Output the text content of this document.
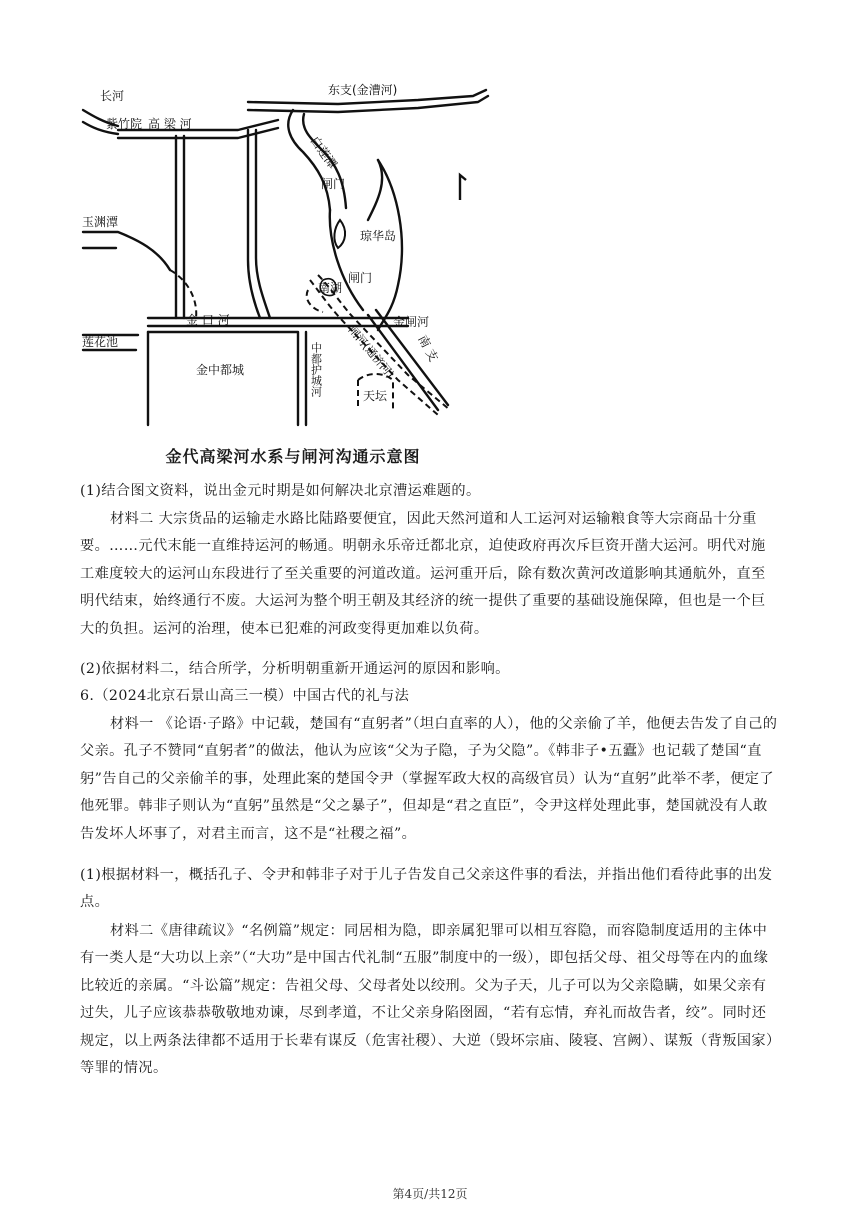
长河	东支(金漕河)
紫竹院 高 梁 河
白莲潭
闸门
琼华岛
玉渊潭
闸门
南湖
金 口 河	金闸河
莲花池
金中都城	中都护城河	南 支
闸河(通济河)
天坛
金代高梁河水系与闸河沟通示意图
(1)结合图文资料，说出金元时期是如何解决北京漕运难题的。
材料二 大宗货品的运输走水路比陆路要便宜，因此天然河道和人工运河对运输粮食等大宗商品十分重要。……元代末能一直维持运河的畅通。明朝永乐帝迁都北京，迫使政府再次斥巨资开凿大运河。明代对施工难度较大的运河山东段进行了至关重要的河道改道。运河重开后，除有数次黄河改道影响其通航外，直至明代结束，始终通行不废。大运河为整个明王朝及其经济的统一提供了重要的基础设施保障，但也是一个巨大的负担。运河的治理，使本已犯难的河政变得更加难以负荷。
(2)依据材料二，结合所学，分析明朝重新开通运河的原因和影响。
6.（2024北京石景山高三一模）中国古代的礼与法
材料一 《论语·子路》中记载，楚国有“直躬者”（坦白直率的人），他的父亲偷了羊，他便去告发了自己的父亲。孔子不赞同“直躬者”的做法，他认为应该“父为子隐，子为父隐”。《韩非子•五蠹》也记载了楚国“直躬”告自己的父亲偷羊的事，处理此案的楚国令尹（掌握军政大权的高级官员）认为“直躬”此举不孝，便定了他死罪。韩非子则认为“直躬”虽然是“父之暴子”，但却是“君之直臣”，令尹这样处理此事，楚国就没有人敢告发坏人坏事了，对君主而言，这不是“社稷之福”。
(1)根据材料一，概括孔子、令尹和韩非子对于儿子告发自己父亲这件事的看法，并指出他们看待此事的出发点。
材料二《唐律疏议》“名例篇”规定：同居相为隐，即亲属犯罪可以相互容隐，而容隐制度适用的主体中有一类人是“大功以上亲”（“大功”是中国古代礼制“五服”制度中的一级），即包括父母、祖父母等在内的血缘比较近的亲属。“斗讼篇”规定：告祖父母、父母者处以绞刑。父为子天，儿子可以为父亲隐瞒，如果父亲有过失，儿子应该恭恭敬敬地劝谏，尽到孝道，不让父亲身陷囹圄，“若有忘情，弃礼而故告者，绞”。同时还规定，以上两条法律都不适用于长辈有谋反（危害社稷）、大逆（毁坏宗庙、陵寝、宫阙）、谋叛（背叛国家）等罪的情况。
第4页/共12页
